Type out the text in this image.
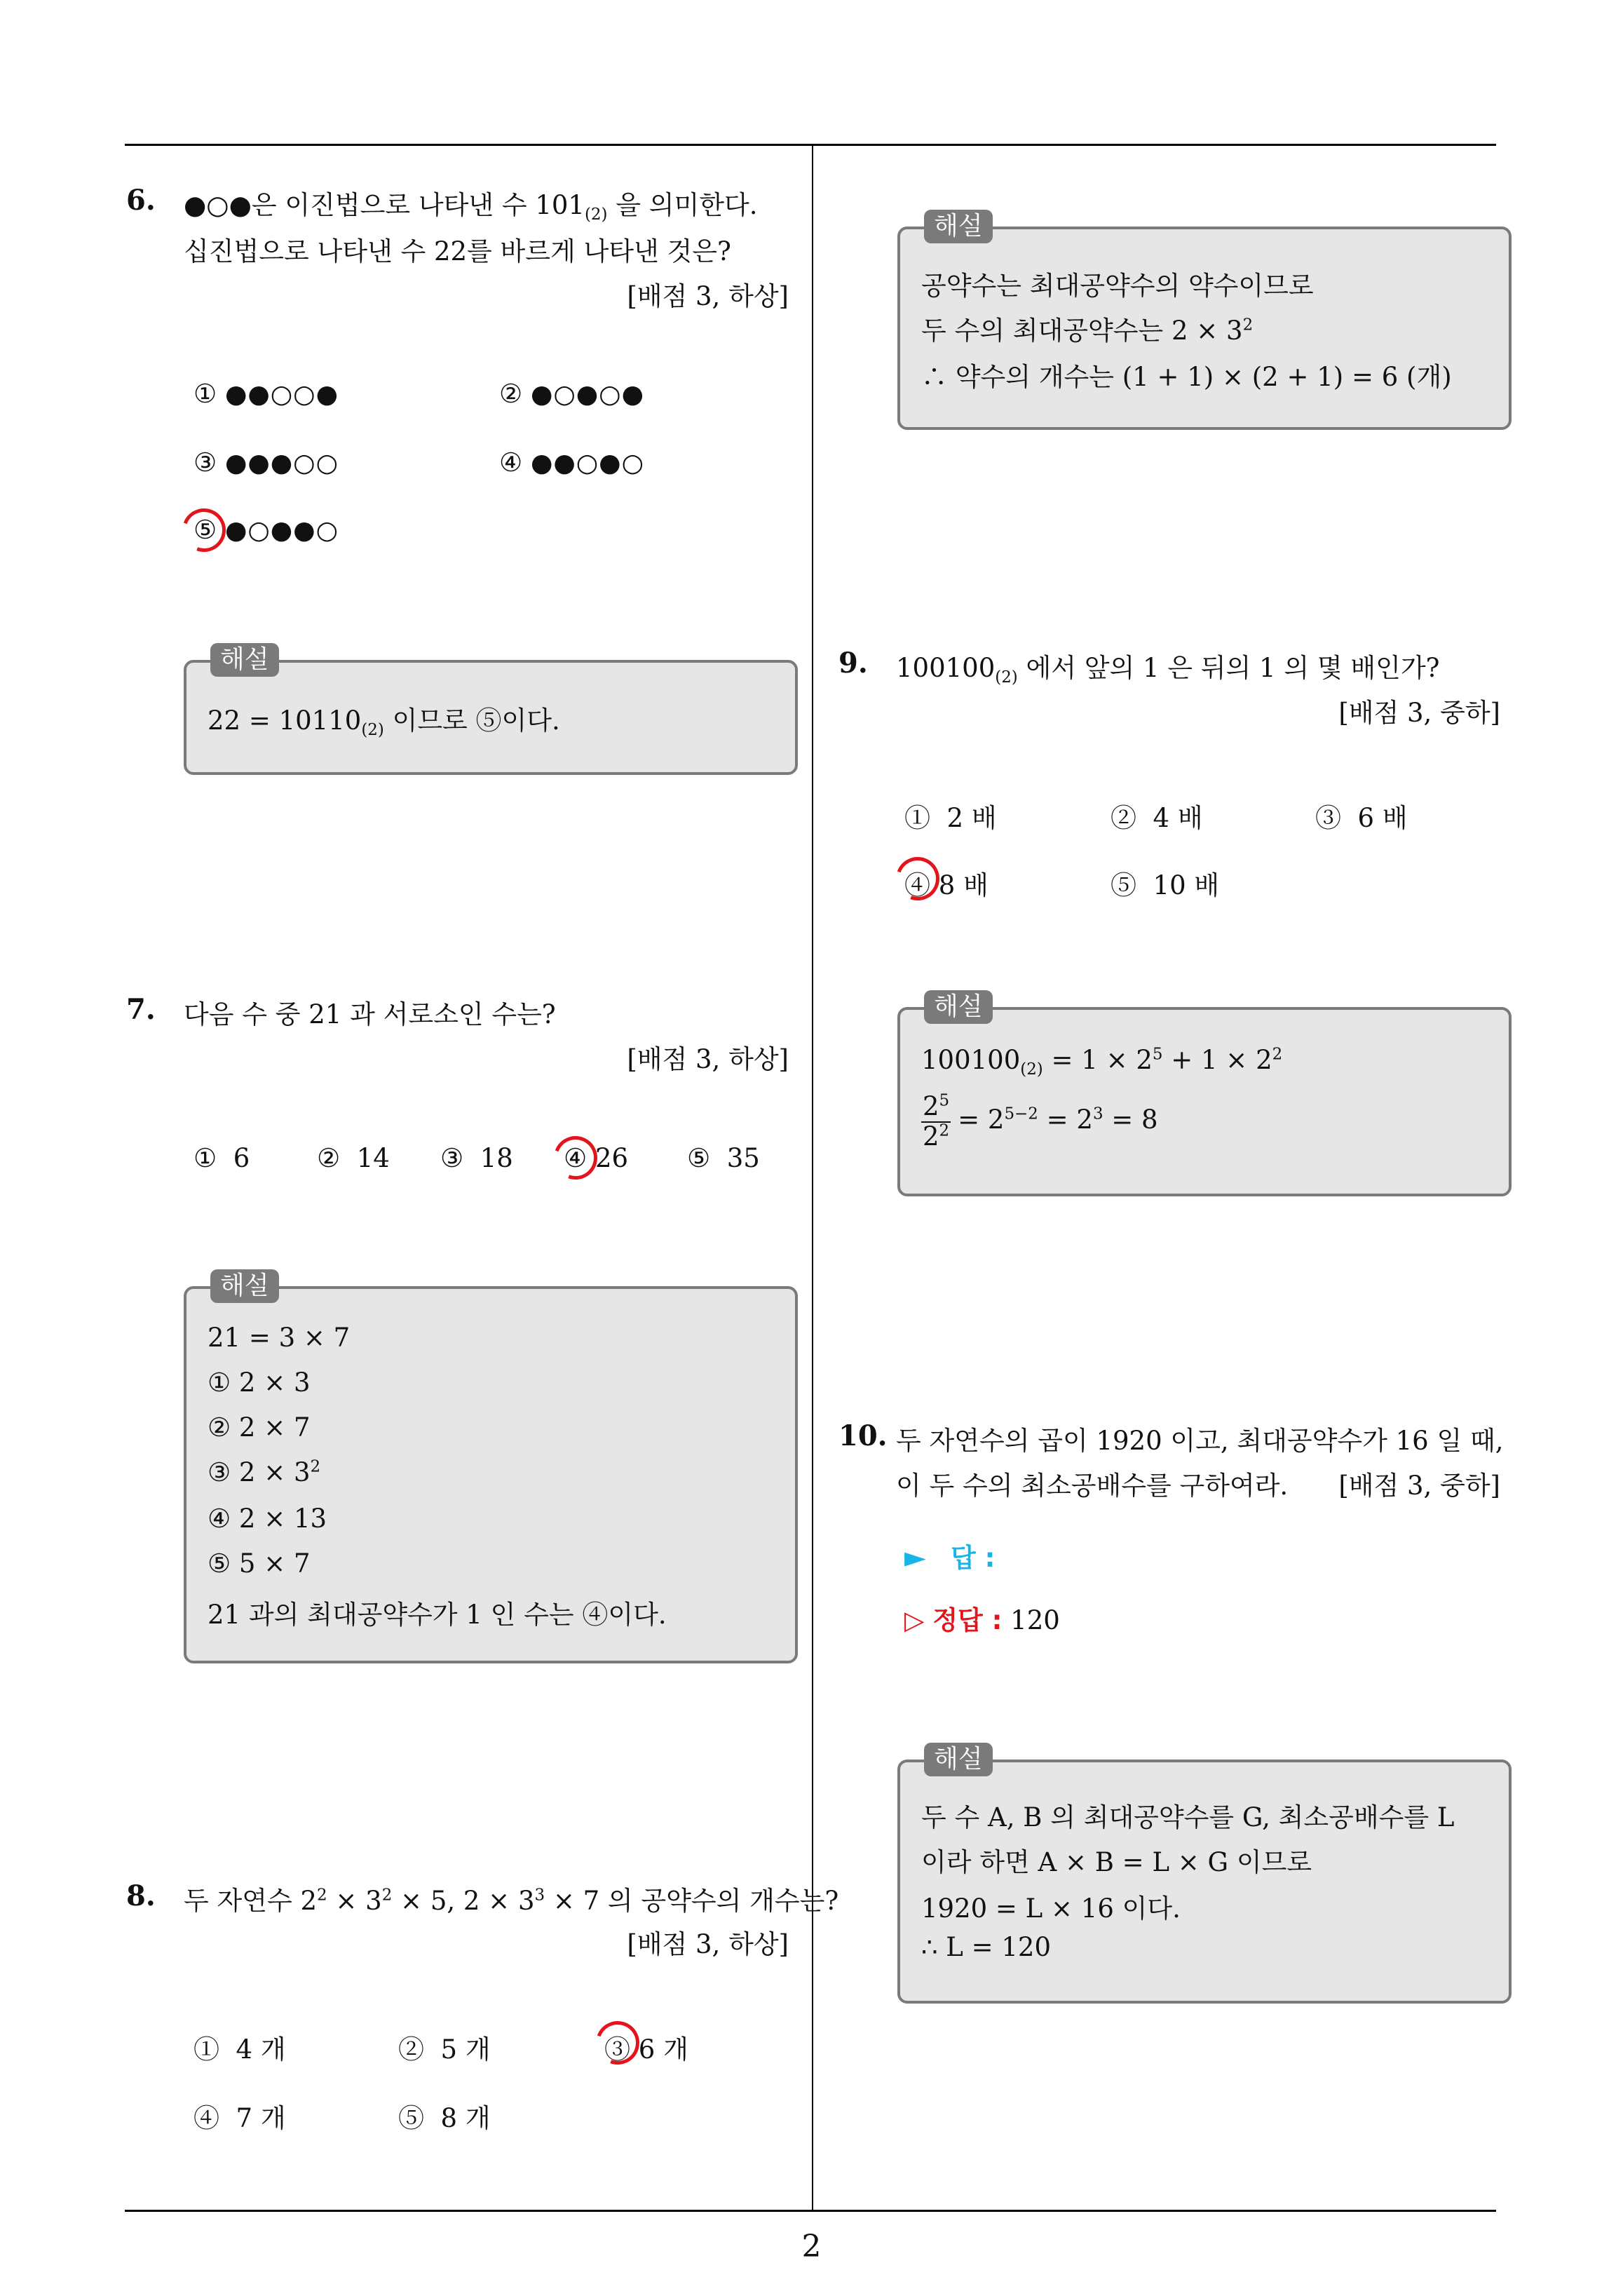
6. ●○●은 이진법으로 나타낸 수 $101_{(2)}$ 을 의미한다.
십진법으로 나타낸 수 22를 바르게 나타낸 것은?
[배점 3, 하상]
① ●●○○●	② ●○●○●
③ ●●●○○	④ ●●○●○
⑤ ●○●●○
해설
$22 = 10110_{(2)}$ 이므로 ⑤이다.
7. 다음 수 중 21 과 서로소인 수는?
[배점 3, 하상]
① 6	② 14 ③ 18 ④ 26 ⑤ 35
해설
21 = 3 × 7
① 2 × 3
② 2 × 7
③ $2 \times 3^2$
④ 2 × 13
⑤ 5 × 7
21 과의 최대공약수가 1 인 수는 ④이다.
8. 두 자연수 $2^2 \times 3^2 \times 5$, $2 \times 3^3 \times 7$ 의 공약수의 개수는?
[배점 3, 하상]
① 4 개	② 5 개	③ 6 개
④ 7 개	⑤ 8 개
해설
공약수는 최대공약수의 약수이므로
두 수의 최대공약수는 $2 \times 3^2$
∴ 약수의 개수는 (1 + 1) × (2 + 1) = 6 (개)
9. $100100_{(2)}$ 에서 앞의 1 은 뒤의 1 의 몇 배인가?
[배점 3, 중하]
① 2 배	② 4 배	③ 6 배
④ 8 배	⑤ 10 배
해설
$100100_{(2)} = 1 \times 2^5 + 1 \times 2^2$
$\frac{2^5}{2^2} = 2^{5-2} = 2^3 = 8$
10. 두 자연수의 곱이 1920 이고, 최대공약수가 16 일 때,
이 두 수의 최소공배수를 구하여라. [배점 3, 중하]
► 답 :
▷ 정답 : 120
해설
두 수 A, B 의 최대공약수를 G, 최소공배수를 L
이라 하면 A × B = L × G 이므로
1920 = L × 16 이다.
∴ L = 120
2
